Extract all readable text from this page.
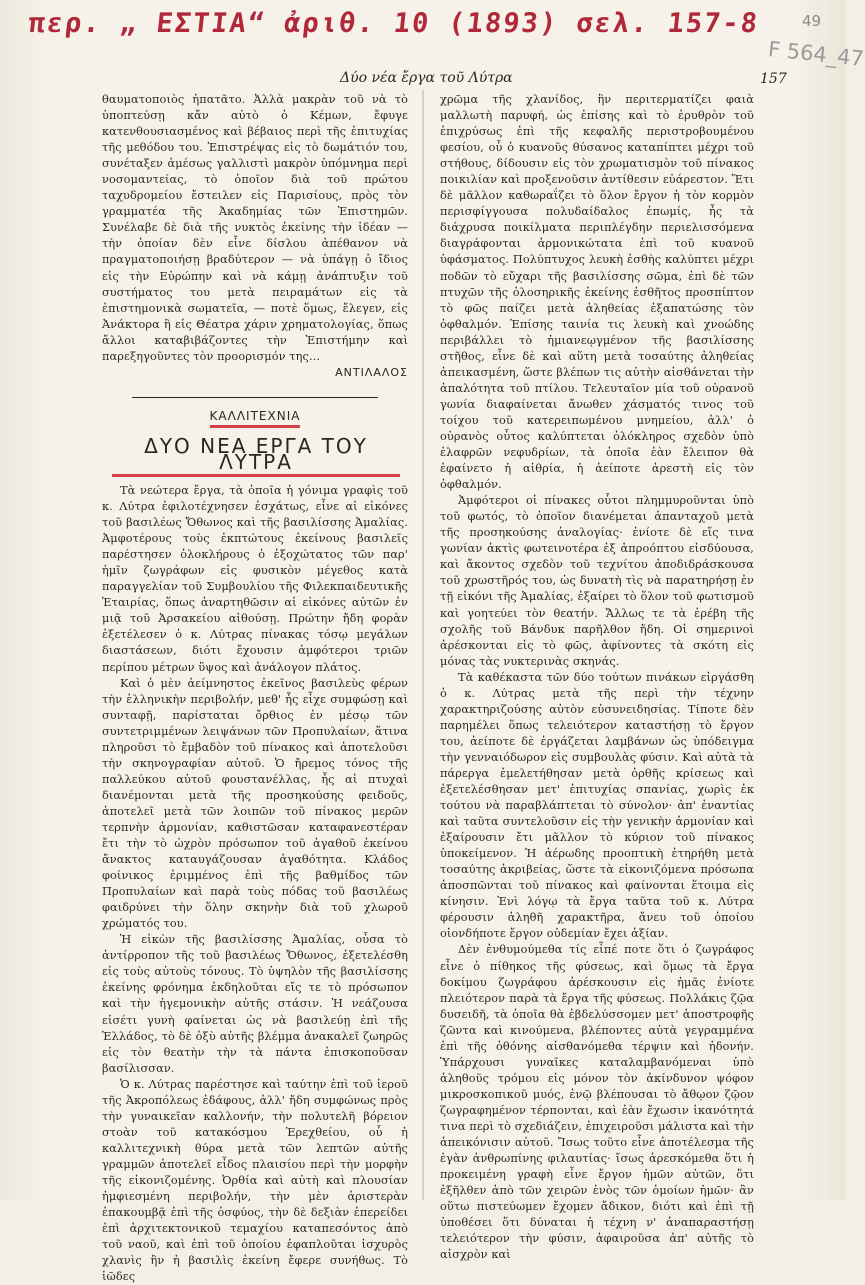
περ. „ ΕΣΤΙΑ“ ἀριθ. 10 (1893) σελ. 157-8	49
F 564_47
Δύο νέα ἔργα τοῦ Λύτρα	157

θαυματοποιὸς ἠπατᾶτο. Ἀλλὰ μακρὰν τοῦ νὰ τὸ ὑποπτεύσῃ κἄν αὐτὸ ὁ Κέμων, ἔφυγε κατενθουσιασμένος καὶ βέβαιος περὶ τῆς ἐπιτυχίας τῆς μεθόδου του. Ἐπιστρέψας εἰς τὸ δωμάτιόν του, συνέταξεν ἀμέσως γαλλιστὶ μακρὸν ὑπόμνημα περὶ νοσομαντείας, τὸ ὁποῖον διὰ τοῦ πρώτου ταχυδρομείου ἔστειλεν εἰς Παρισίους, πρὸς τὸν γραμματέα τῆς Ἀκαδημίας τῶν Ἐπιστημῶν. Συνέλαβε δὲ διὰ τῆς νυκτὸς ἐκείνης τὴν ἰδέαν — τὴν ὁποίαν δὲν εἶνε δίσλου ἀπέθανον νὰ πραγματοποιήσῃ βραδύτερον — νὰ ὑπάγῃ ὁ ἴδιος εἰς τὴν Εὐρώπην καὶ νὰ κάμῃ ἀνάπτυξιν τοῦ συστήματος του μετὰ πειραμάτων εἰς τὰ ἐπιστημονικὰ σωματεῖα, — ποτὲ ὅμως, ἔλεγεν, εἰς Ἀνάκτορα ἢ εἰς Θέατρα χάριν χρηματολογίας, ὅπως ἄλλοι καταβιβάζοντες τὴν Ἐπιστήμην καὶ παρεξηγοῦντες τὸν προορισμόν της...

ΑΝΤΙΛΑΛΟΣ

ΚΑΛΛΙΤΕΧΝΙΑ
ΔΥΟ ΝΕΑ ΕΡΓΑ ΤΟΥ ΛΥΤΡΑ

Τὰ νεώτερα ἔργα, τὰ ὁποῖα ἡ γόνιμα γραφὶς τοῦ κ. Λύτρα ἐφιλοτέχνησεν ἐσχάτως, εἶνε αἱ εἰκόνες τοῦ βασιλέως Ὄθωνος καὶ τῆς βασιλίσσης Ἀμαλίας. Ἀμφοτέρους τοὺς ἐκπτώτους ἐκείνους βασιλεῖς παρέστησεν ὁλοκλήρους ὁ ἐξοχώτατος τῶν παρ' ἡμῖν ζωγράφων εἰς φυσικὸν μέγεθος κατὰ παραγγελίαν τοῦ Συμβουλίου τῆς Φιλεκπαιδευτικῆς Ἑταιρίας, ὅπως ἀναρτηθῶσιν αἱ εἰκόνες αὐτῶν ἐν μιᾷ τοῦ Ἀρσακείου αἰθούσῃ. Πρώτην ἤδη φορὰν ἐξετέλεσεν ὁ κ. Λύτρας πίνακας τόσῳ μεγάλων διαστάσεων, διότι ἔχουσιν ἀμφότεροι τριῶν περίπου μέτρων ὕψος καὶ ἀνάλογον πλάτος.

Καὶ ὁ μὲν ἀείμνηστος ἐκεῖνος βασιλεὺς φέρων τὴν ἑλληνικὴν περιβολήν, μεθ' ἧς εἶχε συμφώσῃ καὶ συνταφῇ, παρίσταται ὄρθιος ἐν μέσῳ τῶν συντετριμμένων λειψάνων τῶν Προπυλαίων, ἅτινα πληροῦσι τὸ ἔμβαδὸν τοῦ πίνακος καὶ ἀποτελοῦσι τὴν σκηνογραφίαν αὐτοῦ. Ὁ ἤρεμος τόνος τῆς παλλεύκου αὐτοῦ φουστανέλλας, ἧς αἱ πτυχαὶ διανέμονται μετὰ τῆς προσηκούσης φειδοῦς, ἀποτελεῖ μετὰ τῶν λοιπῶν τοῦ πίνακος μερῶν τερπνὴν ἁρμονίαν, καθιστῶσαν καταφανεστέραν ἔτι τὴν τὸ ὠχρὸν πρόσωπον τοῦ ἀγαθοῦ ἐκείνου ἄνακτος καταυγάζουσαν ἀγαθότητα. Κλάδος φοίνικος ἐριμμένος ἐπὶ τῆς βαθμίδος τῶν Προπυλαίων καὶ παρὰ τοὺς πόδας τοῦ βασιλέως φαιδρύνει τὴν ὅλην σκηνὴν διὰ τοῦ χλωροῦ χρώματός του.

Ἡ εἰκὼν τῆς βασιλίσσης Ἀμαλίας, οὖσα τὸ ἀντίρροπον τῆς τοῦ βασιλέως Ὄθωνος, ἐξετελέσθη εἰς τοὺς αὐτοὺς τόνους. Τὸ ὑψηλὸν τῆς βασιλίσσης ἐκείνης φρόνημα ἐκδηλοῦται εἴς τε τὸ πρόσωπον καὶ τὴν ἡγεμονικὴν αὐτῆς στάσιν. Ἡ νεάζουσα εἰσέτι γυνὴ φαίνεται ὡς νὰ βασιλεύῃ ἐπὶ τῆς Ἑλλάδος, τὸ δὲ ὀξὺ αὐτῆς βλέμμα ἀνακαλεῖ ζωηρῶς εἰς τὸν θεατὴν τὴν τὰ πάντα ἐπισκοποῦσαν βασίλισσαν.

Ὁ κ. Λύτρας παρέστησε καὶ ταύτην ἐπὶ τοῦ ἱεροῦ τῆς Ἀκροπόλεως ἐδάφους, ἀλλ' ἤδη συμφώνως πρὸς τὴν γυναικεῖαν καλλονήν, τὴν πολυτελῆ βόρειον στοὰν τοῦ κατακόσμου Ἐρεχθείου, οὗ ἡ καλλιτεχνικὴ θύρα μετὰ τῶν λεπτῶν αὐτῆς γραμμῶν ἀποτελεῖ εἶδος πλαισίου περὶ τὴν μορφὴν τῆς εἰκονιζομένης. Ὀρθία καὶ αὐτὴ καὶ πλουσίαν ἠμφιεσμένη περιβολήν, τὴν μὲν ἀριστερὰν ἐπακουμβᾷ ἐπὶ τῆς ὀσφύος, τὴν δὲ δεξιὰν ἐπερείδει ἐπὶ ἀρχιτεκτονικοῦ τεμαχίου καταπεσόντος ἀπὸ τοῦ ναοῦ, καὶ ἐπὶ τοῦ ὁποίου ἐφαπλοῦται ἰσχυρὸς χλανὶς ἣν ἡ βασιλὶς ἐκείνη ἔφερε συνήθως. Τὸ ἰῶδες

χρῶμα τῆς χλανίδος, ἣν περιτερματίζει φαιὰ μαλλωτὴ παρυφή, ὡς ἐπίσης καὶ τὸ ἐρυθρὸν τοῦ ἐπιχρύσως ἐπὶ τῆς κεφαλῆς περιστροβουμένου φεσίου, οὗ ὁ κυανοῦς θύσανος καταπίπτει μέχρι τοῦ στήθους, δίδουσιν εἰς τὸν χρωματισμὸν τοῦ πίνακος ποικιλίαν καὶ προξενοῦσιν ἀντίθεσιν εὐάρεστον. Ἔτι δὲ μᾶλλον καθωραΐζει τὸ ὅλον ἔργον ἡ τὸν κορμὸν περισφίγγουσα πολυδαίδαλος ἐπωμίς, ἧς τὰ διάχρυσα ποικίλματα περιπλέγδην περιελισσόμενα διαγράφονται ἁρμονικώτατα ἐπὶ τοῦ κυανοῦ ὑφάσματος. Πολύπτυχος λευκὴ ἐσθὴς καλύπτει μέχρι ποδῶν τὸ εὔχαρι τῆς βασιλίσσης σῶμα, ἐπὶ δὲ τῶν πτυχῶν τῆς ὁλοσηρικῆς ἐκείνης ἐσθῆτος προσπίπτον τὸ φῶς παίζει μετὰ ἀληθείας ἐξαπατώσης τὸν ὀφθαλμόν. Ἐπίσης ταινία τις λευκὴ καὶ χνοώδης περιβάλλει τὸ ἡμιανεῳγμένον τῆς βασιλίσσης στῆθος, εἶνε δὲ καὶ αὕτη μετὰ τοσαύτης ἀληθείας ἀπεικασμένη, ὥστε βλέπων τις αὐτὴν αἰσθάνεται τὴν ἁπαλότητα τοῦ πτίλου. Τελευταῖον μία τοῦ οὐρανοῦ γωνία διαφαίνεται ἄνωθεν χάσματός τινος τοῦ τοίχου τοῦ κατερειπωμένου μνημείου, ἀλλ' ὁ οὐρανὸς οὗτος καλύπτεται ὁλόκληρος σχεδὸν ὑπὸ ἐλαφρῶν νεφυδρίων, τὰ ὁποῖα ἐὰν ἔλειπον θὰ ἐφαίνετο ἡ αἰθρία, ἡ ἀείποτε ἀρεστὴ εἰς τὸν ὀφθαλμόν.

Ἀμφότεροι οἱ πίνακες οὗτοι πλημμυροῦνται ὑπὸ τοῦ φωτός, τὸ ὁποῖον διανέμεται ἁπανταχοῦ μετὰ τῆς προσηκούσης ἀναλογίας· ἐνίοτε δὲ εἴς τινα γωνίαν ἀκτὶς φωτεινοτέρα ἐξ ἀπροόπτου εἰσδύουσα, καὶ ἄκοντος σχεδὸν τοῦ τεχνίτου ἀποδιδράσκουσα τοῦ χρωστῆρός του, ὡς δυνατὴ τὶς νὰ παρατηρήσῃ ἐν τῇ εἰκόνι τῆς Ἀμαλίας, ἐξαίρει τὸ ὅλον τοῦ φωτισμοῦ καὶ γοητεύει τὸν θεατήν. Ἄλλως τε τὰ ἐρέβη τῆς σχολῆς τοῦ Βάνδυκ παρῆλθον ἤδη. Οἱ σημερινοὶ ἀρέσκονται εἰς τὸ φῶς, ἀφίνοντες τὰ σκότη εἰς μόνας τὰς νυκτερινὰς σκηνάς.

Τὰ καθέκαστα τῶν δύο τούτων πινάκων εἰργάσθη ὁ κ. Λύτρας μετὰ τῆς περὶ τὴν τέχνην χαρακτηριζούσης αὐτὸν εὐσυνειδησίας. Τίποτε δὲν παρημέλει ὅπως τελειότερον καταστήσῃ τὸ ἔργον του, ἀείποτε δὲ ἐργάζεται λαμβάνων ὡς ὑπόδειγμα τὴν γενναιόδωρον εἰς συμβουλὰς φύσιν. Καὶ αὐτὰ τὰ πάρεργα ἐμελετήθησαν μετὰ ὀρθῆς κρίσεως καὶ ἐξετελέσθησαν μετ' ἐπιτυχίας σπανίας, χωρὶς ἐκ τούτου νὰ παραβλάπτεται τὸ σύνολον· ἀπ' ἐναντίας καὶ ταῦτα συντελοῦσιν εἰς τὴν γενικὴν ἁρμονίαν καὶ ἐξαίρουσιν ἔτι μᾶλλον τὸ κύριον τοῦ πίνακος ὑποκείμενον. Ἡ ἀέρωδης προοπτικὴ ἐτηρήθη μετὰ τοσαύτης ἀκριβείας, ὥστε τὰ εἰκονιζόμενα πρόσωπα ἀποσπῶνται τοῦ πίνακος καὶ φαίνονται ἕτοιμα εἰς κίνησιν. Ἐνὶ λόγῳ τὰ ἔργα ταῦτα τοῦ κ. Λύτρα φέρουσιν ἀληθῆ χαρακτῆρα, ἄνευ τοῦ ὁποίου οἱονδήποτε ἔργον οὐδεμίαν ἔχει ἀξίαν.

Δὲν ἐνθυμούμεθα τίς εἶπέ ποτε ὅτι ὁ ζωγράφος εἶνε ὁ πίθηκος τῆς φύσεως, καὶ ὅμως τὰ ἔργα δοκίμου ζωγράφου ἀρέσκουσιν εἰς ἡμᾶς ἐνίοτε πλειότερον παρὰ τὰ ἔργα τῆς φύσεως. Πολλάκις ζῷα δυσειδῆ, τὰ ὁποῖα θὰ ἐβδελύσσομεν μετ' ἀποστροφῆς ζῶντα καὶ κινούμενα, βλέποντες αὐτὰ γεγραμμένα ἐπὶ τῆς ὀθόνης αἰσθανόμεθα τέρψιν καὶ ἡδονήν. Ὑπάρχουσι γυναῖκες καταλαμβανόμεναι ὑπὸ ἀληθοῦς τρόμου εἰς μόνον τὸν ἀκίνδυνον ψόφον μικροσκοπικοῦ μυός, ἐνῷ βλέπουσαι τὸ ἄθῳον ζῷον ζωγραφημένον τέρπονται, καὶ ἐὰν ἔχωσιν ἱκανότητά τινα περὶ τὸ σχεδιάζειν, ἐπιχειροῦσι μάλιστα καὶ τὴν ἀπεικόνισιν αὐτοῦ. Ἴσως τοῦτο εἶνε ἀποτέλεσμα τῆς ἐγὰν ἀνθρωπίνης φιλαυτίας· ἴσως ἀρεσκόμεθα ὅτι ἡ προκειμένη γραφὴ εἶνε ἔργον ἡμῶν αὐτῶν, ὅτι ἐξῆλθεν ἀπὸ τῶν χειρῶν ἑνὸς τῶν ὁμοίων ἡμῶν· ἂν οὕτω πιστεύωμεν ἔχομεν ἄδικον, διότι καὶ ἐπὶ τῇ ὑποθέσει ὅτι δύναται ἡ τέχνη ν' ἀναπαραστήσῃ τελειότερον τὴν φύσιν, ἀφαιροῦσα ἀπ' αὐτῆς τὸ αἰσχρὸν καὶ
